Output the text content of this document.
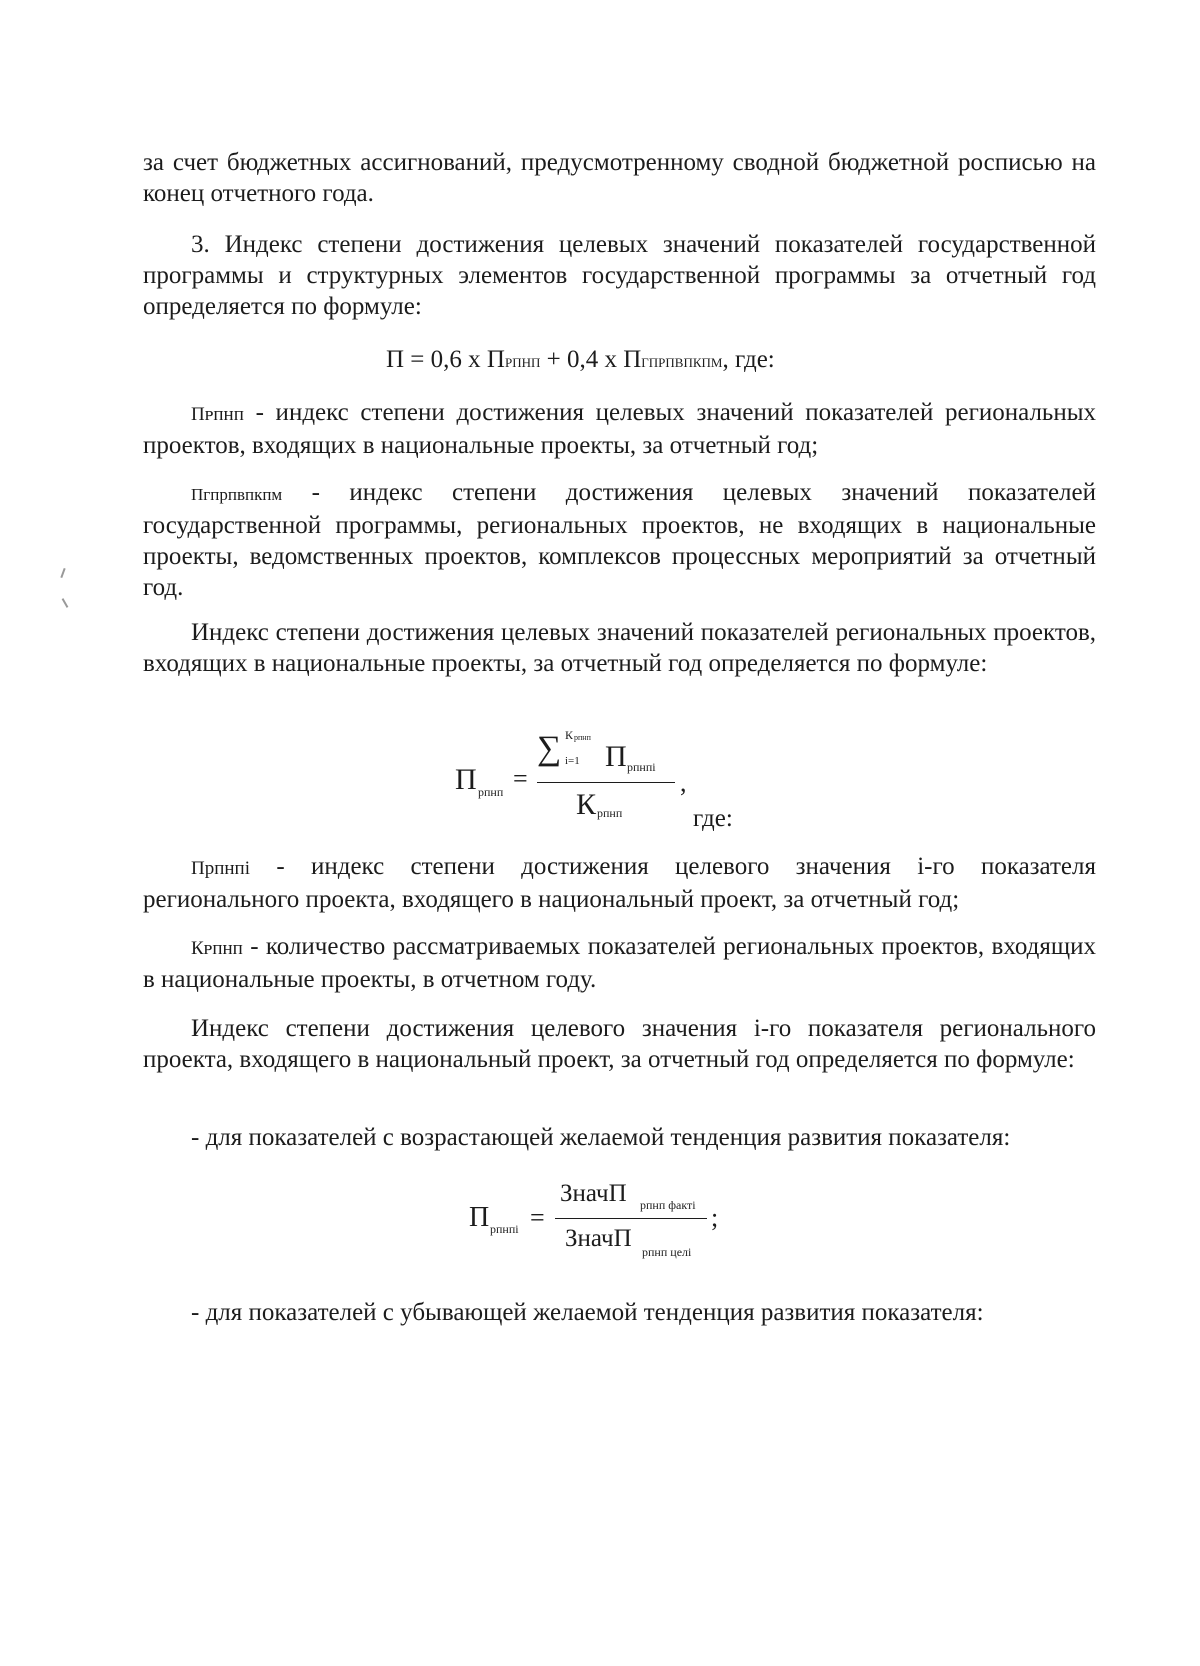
за счет бюджетных ассигнований, предусмотренному сводной бюджетной росписью на конец отчетного года.

3. Индекс степени достижения целевых значений показателей государственной программы и структурных элементов государственной программы за отчетный год определяется по формуле:

П = 0,6 х ПРПНП + 0,4 х ПГПРПВПКПМ, где:

Пᴘпнп - индекс степени достижения целевых значений показателей региональных проектов, входящих в национальные проекты, за отчетный год;

Пгпрпвпкпм - индекс степени достижения целевых значений показателей государственной программы, региональных проектов, не входящих в национальные проекты, ведомственных проектов, комплексов процессных мероприятий за отчетный год.

Индекс степени достижения целевых значений показателей региональных проектов, входящих в национальные проекты, за отчетный год определяется по формуле:

П рпнп =
∑ К рпнп
i=1 П рпнпi
К рпнп
,
где:

Прпнпi - индекс степени достижения целевого значения i-го показателя регионального проекта, входящего в национальный проект, за отчетный год;

Кᴘпнп - количество рассматриваемых показателей региональных проектов, входящих в национальные проекты, в отчетном году.

Индекс степени достижения целевого значения i-го показателя регионального проекта, входящего в национальный проект, за отчетный год определяется по формуле:

- для показателей с возрастающей желаемой тенденция развития показателя:

П рпнпi =
ЗначП рпнп факті
ЗначП рпнп целі
;

- для показателей с убывающей желаемой тенденция развития показателя:
